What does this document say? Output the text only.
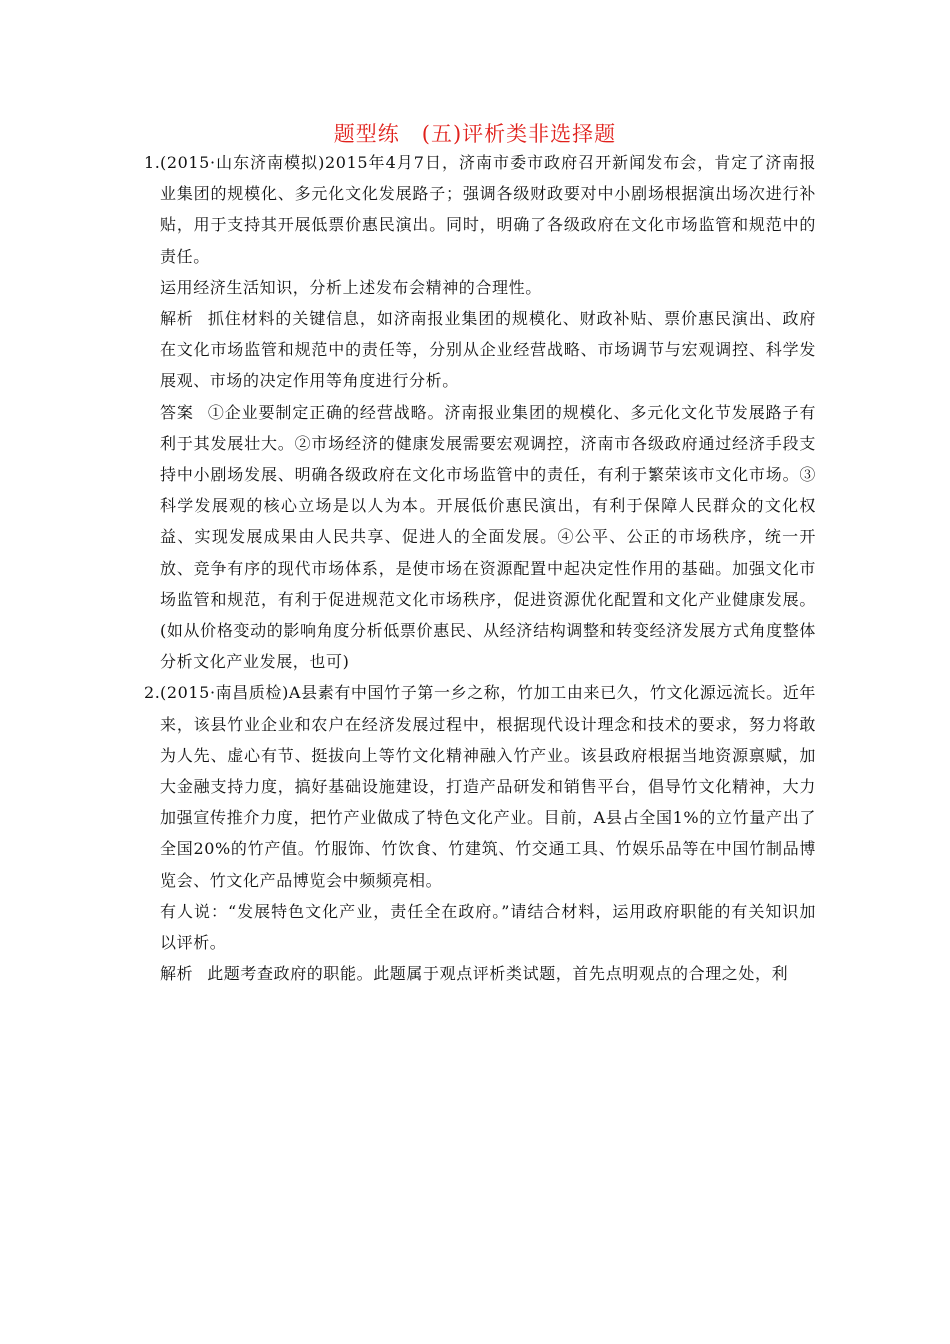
题型练　(五)评析类非选择题
1. (2015·山东济南模拟)2015年4月7日，济南市委市政府召开新闻发布会，肯定了济南报业集团的规模化、多元化文化发展路子；强调各级财政要对中小剧场根据演出场次进行补贴，用于支持其开展低票价惠民演出。同时，明确了各级政府在文化市场监管和规范中的责任。

运用经济生活知识，分析上述发布会精神的合理性。

解析 抓住材料的关键信息，如济南报业集团的规模化、财政补贴、票价惠民演出、政府在文化市场监管和规范中的责任等，分别从企业经营战略、市场调节与宏观调控、科学发展观、市场的决定作用等角度进行分析。

答案 ①企业要制定正确的经营战略。济南报业集团的规模化、多元化文化节发展路子有利于其发展壮大。②市场经济的健康发展需要宏观调控，济南市各级政府通过经济手段支持中小剧场发展、明确各级政府在文化市场监管中的责任，有利于繁荣该市文化市场。③科学发展观的核心立场是以人为本。开展低价惠民演出，有利于保障人民群众的文化权益、实现发展成果由人民共享、促进人的全面发展。④公平、公正的市场秩序，统一开放、竞争有序的现代市场体系，是使市场在资源配置中起决定性作用的基础。加强文化市场监管和规范，有利于促进规范文化市场秩序，促进资源优化配置和文化产业健康发展。(如从价格变动的影响角度分析低票价惠民、从经济结构调整和转变经济发展方式角度整体分析文化产业发展，也可)

2. (2015·南昌质检)A县素有中国竹子第一乡之称，竹加工由来已久，竹文化源远流长。近年来，该县竹业企业和农户在经济发展过程中，根据现代设计理念和技术的要求，努力将敢为人先、虚心有节、挺拔向上等竹文化精神融入竹产业。该县政府根据当地资源禀赋，加大金融支持力度，搞好基础设施建设，打造产品研发和销售平台，倡导竹文化精神，大力加强宣传推介力度，把竹产业做成了特色文化产业。目前，A县占全国1%的立竹量产出了全国20%的竹产值。竹服饰、竹饮食、竹建筑、竹交通工具、竹娱乐品等在中国竹制品博览会、竹文化产品博览会中频频亮相。

有人说：“发展特色文化产业，责任全在政府。”请结合材料，运用政府职能的有关知识加以评析。

解析 此题考查政府的职能。此题属于观点评析类试题，首先点明观点的合理之处，利
